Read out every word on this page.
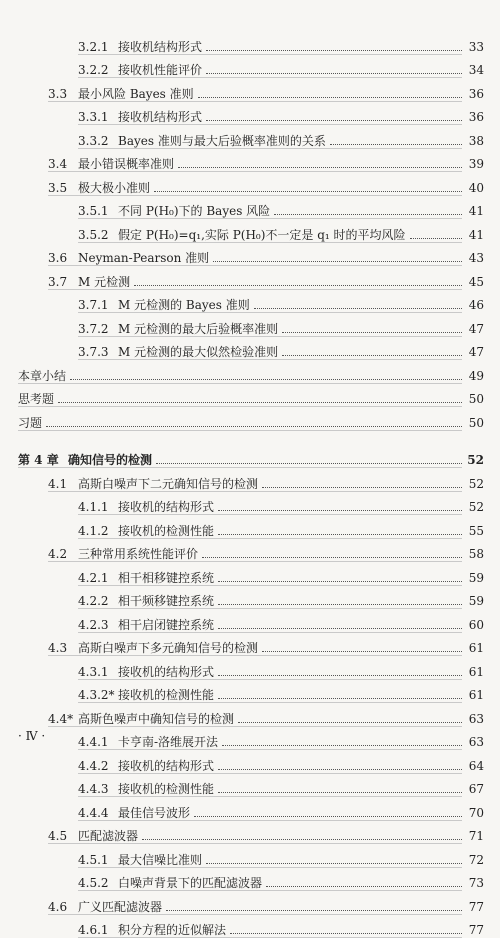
3.2.1 接收机结构形式	33
3.2.2 接收机性能评价	34
3.3 最小风险 Bayes 准则	36
3.3.1 接收机结构形式	36
3.3.2 Bayes 准则与最大后验概率准则的关系	38
3.4 最小错误概率准则	39
3.5 极大极小准则	40
3.5.1 不同 P(H₀)下的 Bayes 风险	41
3.5.2 假定 P(H₀)=q₁,实际 P(H₀)不一定是 q₁ 时的平均风险	41
3.6 Neyman-Pearson 准则	43
3.7 M 元检测	45
3.7.1 M 元检测的 Bayes 准则	46
3.7.2 M 元检测的最大后验概率准则	47
3.7.3 M 元检测的最大似然检验准则	47
本章小结	49
思考题	50
习题	50
第 4 章 确知信号的检测	52
4.1 高斯白噪声下二元确知信号的检测	52
4.1.1 接收机的结构形式	52
4.1.2 接收机的检测性能	55
4.2 三种常用系统性能评价	58
4.2.1 相干相移键控系统	59
4.2.2 相干频移键控系统	59
4.2.3 相干启闭键控系统	60
4.3 高斯白噪声下多元确知信号的检测	61
4.3.1 接收机的结构形式	61
4.3.2* 接收机的检测性能	61
4.4* 高斯色噪声中确知信号的检测	63
4.4.1 卡亨南-洛维展开法	63
4.4.2 接收机的结构形式	64
4.4.3 接收机的检测性能	67
4.4.4 最佳信号波形	70
4.5 匹配滤波器	71
4.5.1 最大信噪比准则	72
4.5.2 白噪声背景下的匹配滤波器	73
4.6 广义匹配滤波器	77
4.6.1 积分方程的近似解法	77
· Ⅳ ·
